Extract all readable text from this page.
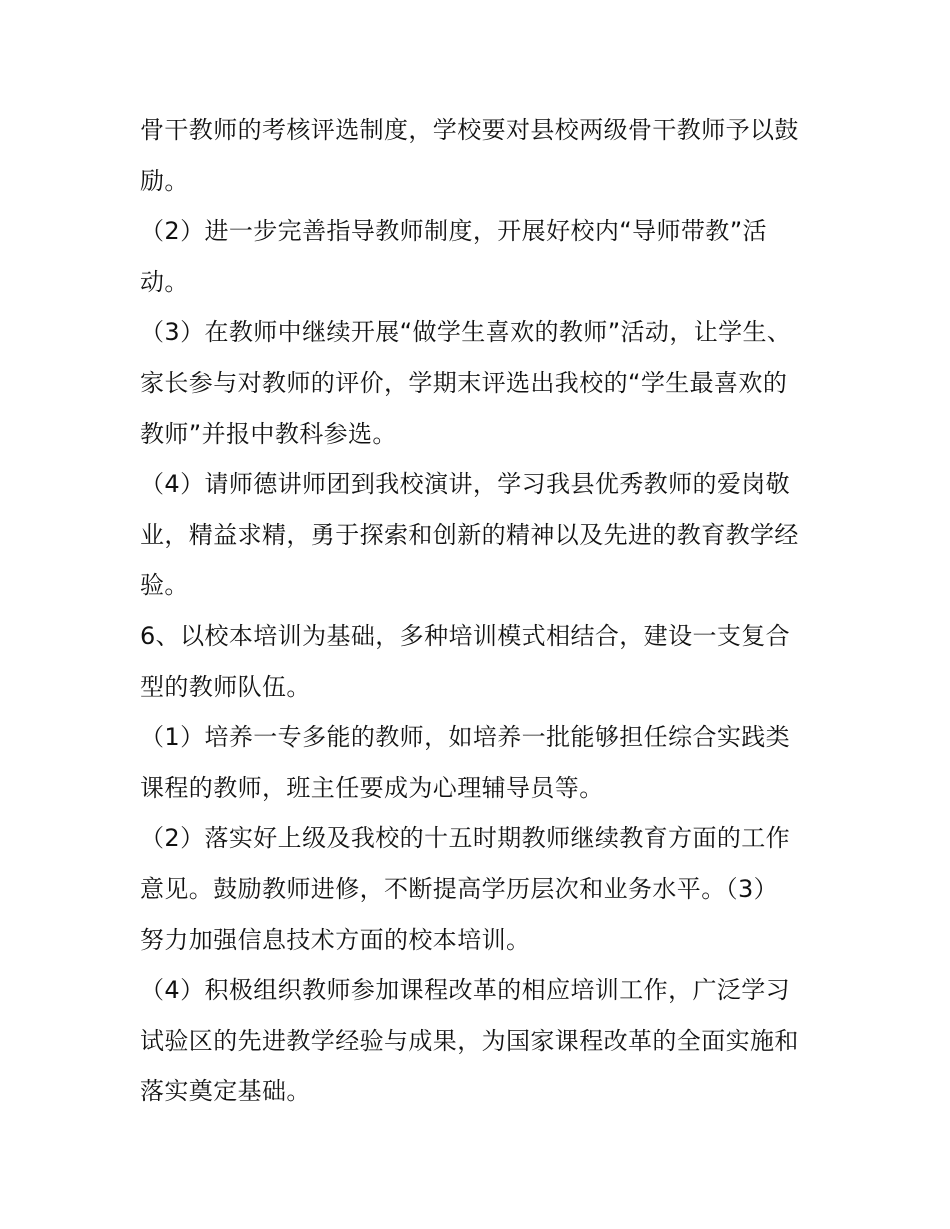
骨干教师的考核评选制度，学校要对县校两级骨干教师予以鼓
励。
（2）进一步完善指导教师制度，开展好校内“导师带教”活
动。
（3）在教师中继续开展“做学生喜欢的教师”活动，让学生、
家长参与对教师的评价，学期末评选出我校的“学生最喜欢的
教师”并报中教科参选。
（4）请师德讲师团到我校演讲，学习我县优秀教师的爱岗敬
业，精益求精，勇于探索和创新的精神以及先进的教育教学经
验。
6、以校本培训为基础，多种培训模式相结合，建设一支复合
型的教师队伍。
（1）培养一专多能的教师，如培养一批能够担任综合实践类
课程的教师，班主任要成为心理辅导员等。
（2）落实好上级及我校的十五时期教师继续教育方面的工作
意见。鼓励教师进修，不断提高学历层次和业务水平。（3）
努力加强信息技术方面的校本培训。
（4）积极组织教师参加课程改革的相应培训工作，广泛学习
试验区的先进教学经验与成果，为国家课程改革的全面实施和
落实奠定基础。
